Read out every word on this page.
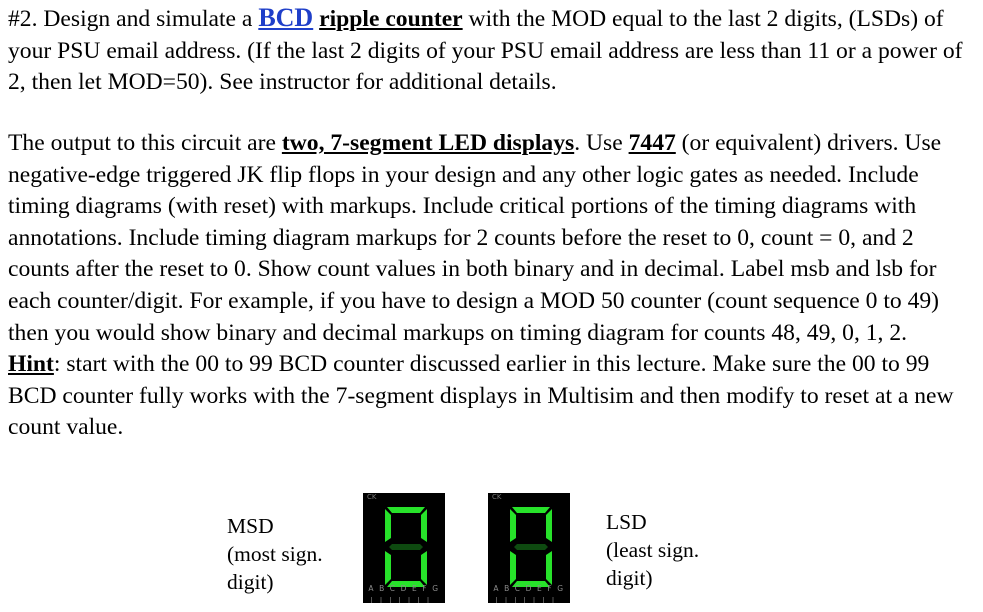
#2. Design and simulate a BCD ripple counter with the MOD equal to the last 2 digits, (LSDs) of your PSU email address. (If the last 2 digits of your PSU email address are less than 11 or a power of 2, then let MOD=50). See instructor for additional details.

The output to this circuit are two, 7-segment LED displays. Use 7447 (or equivalent) drivers. Use negative-edge triggered JK flip flops in your design and any other logic gates as needed. Include timing diagrams (with reset) with markups. Include critical portions of the timing diagrams with annotations. Include timing diagram markups for 2 counts before the reset to 0, count = 0, and 2 counts after the reset to 0. Show count values in both binary and in decimal. Label msb and lsb for each counter/digit. For example, if you have to design a MOD 50 counter (count sequence 0 to 49) then you would show binary and decimal markups on timing diagram for counts 48, 49, 0, 1, 2.
Hint: start with the 00 to 99 BCD counter discussed earlier in this lecture. Make sure the 00 to 99 BCD counter fully works with the 7-segment displays in Multisim and then modify to reset at a new count value.

MSD
(most sign.
digit)
CK
A B C D E F G
CK
A B C D E F G
LSD
(least sign.
digit)
